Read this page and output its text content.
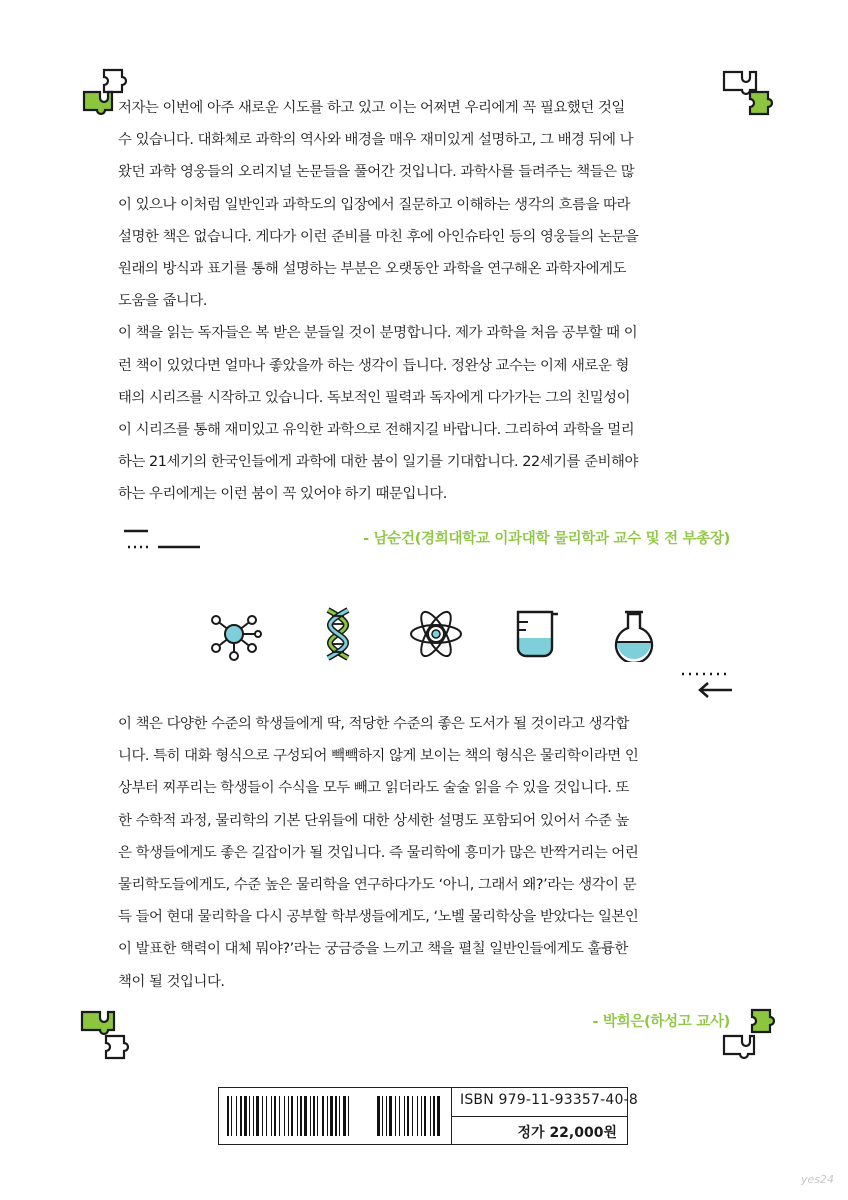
저자는 이번에 아주 새로운 시도를 하고 있고 이는 어쩌면 우리에게 꼭 필요했던 것일
수 있습니다. 대화체로 과학의 역사와 배경을 매우 재미있게 설명하고, 그 배경 뒤에 나
왔던 과학 영웅들의 오리지널 논문들을 풀어간 것입니다. 과학사를 들려주는 책들은 많
이 있으나 이처럼 일반인과 과학도의 입장에서 질문하고 이해하는 생각의 흐름을 따라
설명한 책은 없습니다. 게다가 이런 준비를 마친 후에 아인슈타인 등의 영웅들의 논문을
원래의 방식과 표기를 통해 설명하는 부분은 오랫동안 과학을 연구해온 과학자에게도
도움을 줍니다.
이 책을 읽는 독자들은 복 받은 분들일 것이 분명합니다. 제가 과학을 처음 공부할 때 이
런 책이 있었다면 얼마나 좋았을까 하는 생각이 듭니다. 정완상 교수는 이제 새로운 형
태의 시리즈를 시작하고 있습니다. 독보적인 필력과 독자에게 다가가는 그의 친밀성이
이 시리즈를 통해 재미있고 유익한 과학으로 전해지길 바랍니다. 그리하여 과학을 멀리
하는 21세기의 한국인들에게 과학에 대한 붐이 일기를 기대합니다. 22세기를 준비해야
하는 우리에게는 이런 붐이 꼭 있어야 하기 때문입니다.

- 남순건(경희대학교 이과대학 물리학과 교수 및 전 부총장)

이 책은 다양한 수준의 학생들에게 딱, 적당한 수준의 좋은 도서가 될 것이라고 생각합
니다. 특히 대화 형식으로 구성되어 빽빽하지 않게 보이는 책의 형식은 물리학이라면 인
상부터 찌푸리는 학생들이 수식을 모두 빼고 읽더라도 술술 읽을 수 있을 것입니다. 또
한 수학적 과정, 물리학의 기본 단위들에 대한 상세한 설명도 포함되어 있어서 수준 높
은 학생들에게도 좋은 길잡이가 될 것입니다. 즉 물리학에 흥미가 많은 반짝거리는 어린
물리학도들에게도, 수준 높은 물리학을 연구하다가도 ‘아니, 그래서 왜?’라는 생각이 문
득 들어 현대 물리학을 다시 공부할 학부생들에게도, ‘노벨 물리학상을 받았다는 일본인
이 발표한 핵력이 대체 뭐야?’라는 궁금증을 느끼고 책을 펼칠 일반인들에게도 훌륭한
책이 될 것입니다.

- 박희은(하성고 교사)
ISBN 979-11-93357-40-8
정가 22,000원
yes24
